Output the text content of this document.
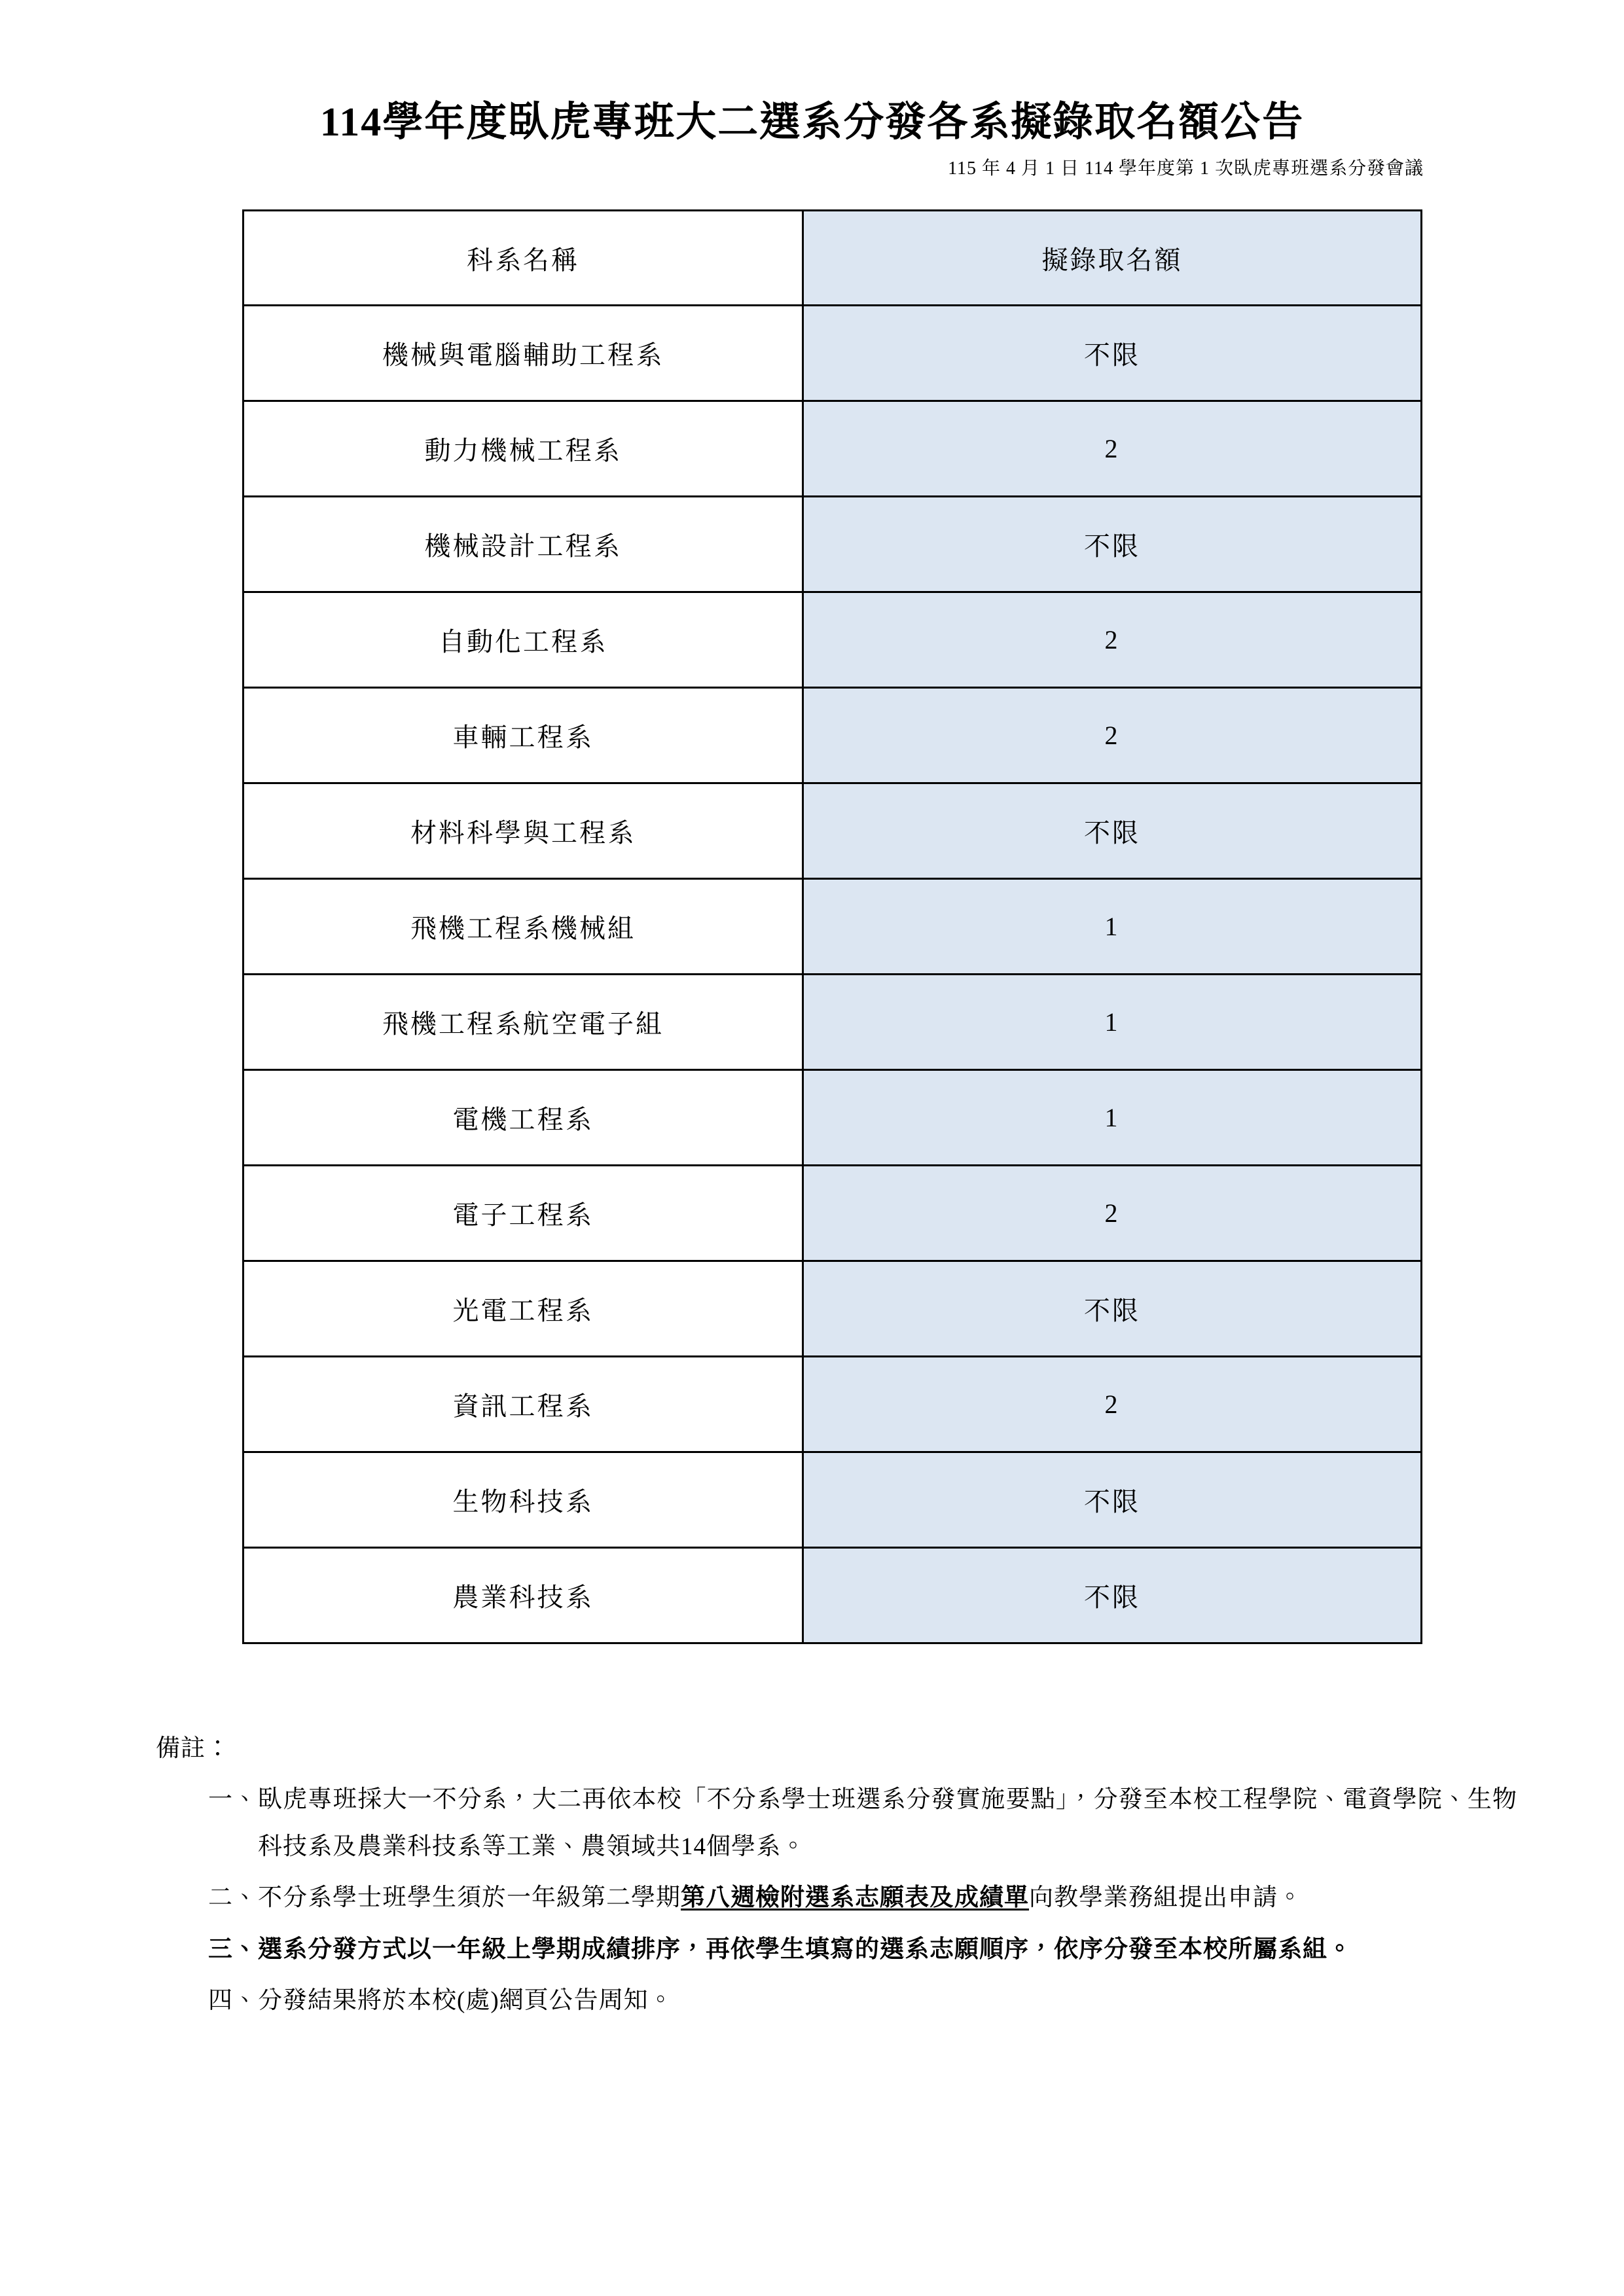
114學年度臥虎專班大二選系分發各系擬錄取名額公告
115 年 4 月 1 日 114 學年度第 1 次臥虎專班選系分發會議
科系名稱	擬錄取名額
機械與電腦輔助工程系	不限
動力機械工程系	2
機械設計工程系	不限
自動化工程系	2
車輛工程系	2
材料科學與工程系	不限
飛機工程系機械組	1
飛機工程系航空電子組	1
電機工程系	1
電子工程系	2
光電工程系	不限
資訊工程系	2
生物科技系	不限
農業科技系	不限
備註：
一、 臥虎專班採大一不分系，大二再依本校「不分系學士班選系分發實施要點」，分發至本校工程學院、電資學院、生物科技系及農業科技系等工業、農領域共14個學系。
二、 不分系學士班學生須於一年級第二學期第八週檢附選系志願表及成績單向教學業務組提出申請。
三、 選系分發方式以一年級上學期成績排序，再依學生填寫的選系志願順序，依序分發至本校所屬系組。
四、 分發結果將於本校(處)網頁公告周知。
